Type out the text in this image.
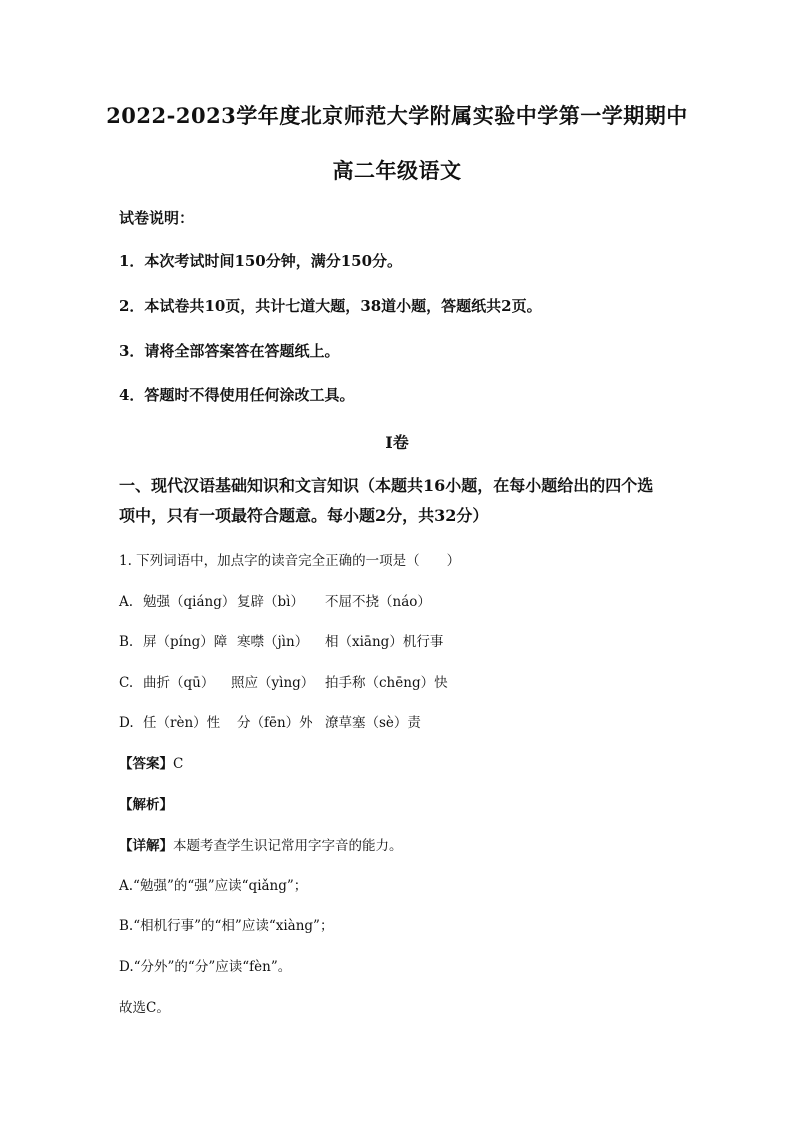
2022-2023学年度北京师范大学附属实验中学第一学期期中
高二年级语文
试卷说明：
1．本次考试时间150分钟，满分150分。
2．本试卷共10页，共计七道大题，38道小题，答题纸共2页。
3．请将全部答案答在答题纸上。
4．答题时不得使用任何涂改工具。
I卷
一、现代汉语基础知识和文言知识（本题共16小题，在每小题给出的四个选
项中，只有一项最符合题意。每小题2分，共32分）
1. 下列词语中，加点字的读音完全正确的一项是（　　）
A. 勉强（qiáng） 复辟（bì） 不屈不挠（náo）
B. 屏（píng）障 寒噤（jìn） 相（xiāng）机行事
C. 曲折（qū） 照应（yìng） 拍手称（chēng）快
D. 任（rèn）性 分（fēn）外 潦草塞（sè）责
【答案】C
【解析】
【详解】本题考查学生识记常用字字音的能力。
A.“勉强”的“强”应读“qiǎng”；
B.“相机行事”的“相”应读“xiàng”；
D.“分外”的“分”应读“fèn”。
故选C。
